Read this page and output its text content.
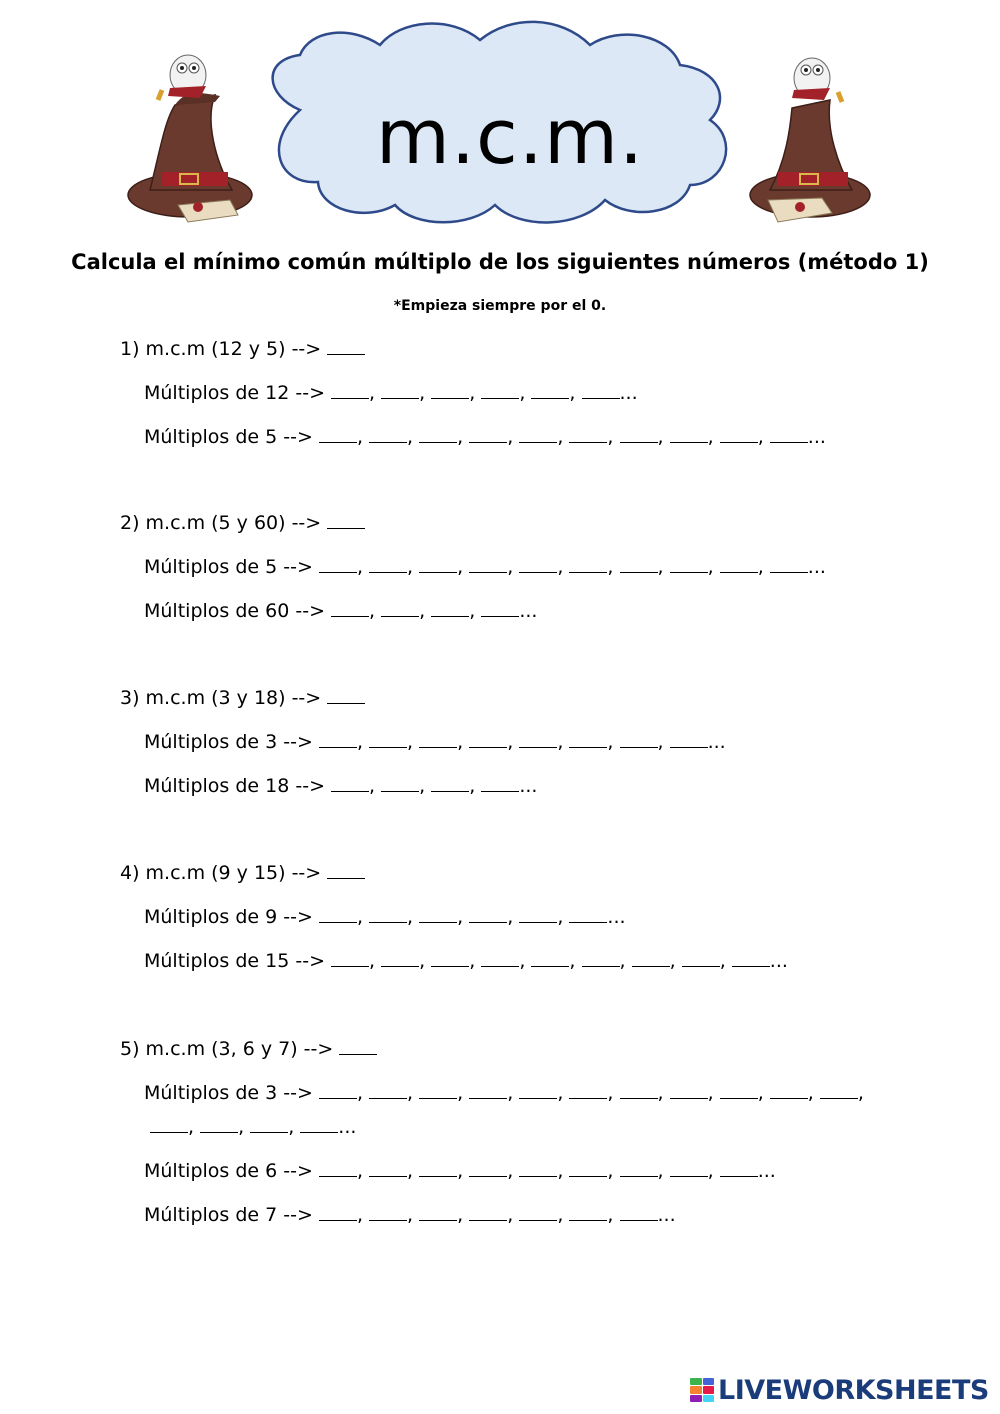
m.c.m.
Calcula el mínimo común múltiplo de los siguientes números (método 1)
*Empieza siempre por el 0.
1) m.c.m (12 y 5) -->
Múltiplos de 12 --> , , , , , ...
Múltiplos de 5 --> , , , , , , , , , ...
2) m.c.m (5 y 60) -->
Múltiplos de 5 --> , , , , , , , , , ...
Múltiplos de 60 --> , , , ...
3) m.c.m (3 y 18) -->
Múltiplos de 3 --> , , , , , , , ...
Múltiplos de 18 --> , , , ...
4) m.c.m (9 y 15) -->
Múltiplos de 9 --> , , , , , ...
Múltiplos de 15 --> , , , , , , , , ...
5) m.c.m (3, 6 y 7) -->
Múltiplos de 3 --> , , , , , , , , , , ,
, , , ...
Múltiplos de 6 --> , , , , , , , , ...
Múltiplos de 7 --> , , , , , , ...
LIVEWORKSHEETS
